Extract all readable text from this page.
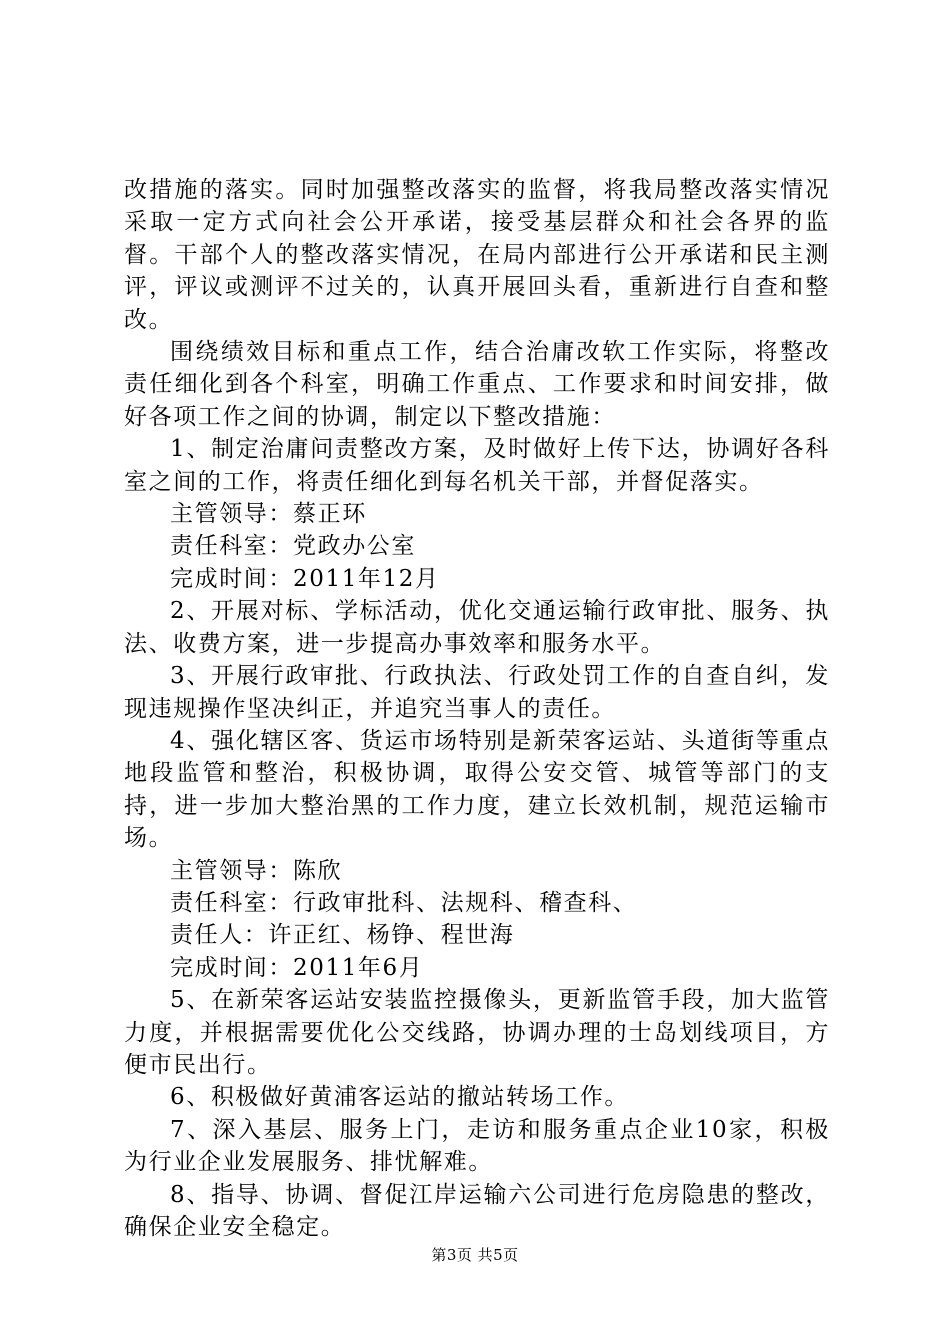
改措施的落实。同时加强整改落实的监督，将我局整改落实情况采取一定方式向社会公开承诺，接受基层群众和社会各界的监督。干部个人的整改落实情况，在局内部进行公开承诺和民主测评，评议或测评不过关的，认真开展回头看，重新进行自查和整改。

围绕绩效目标和重点工作，结合治庸改软工作实际，将整改责任细化到各个科室，明确工作重点、工作要求和时间安排，做好各项工作之间的协调，制定以下整改措施：

1、制定治庸问责整改方案，及时做好上传下达，协调好各科室之间的工作，将责任细化到每名机关干部，并督促落实。

主管领导：蔡正环

责任科室：党政办公室

完成时间：2011年12月

2、开展对标、学标活动，优化交通运输行政审批、服务、执法、收费方案，进一步提高办事效率和服务水平。

3、开展行政审批、行政执法、行政处罚工作的自查自纠，发现违规操作坚决纠正，并追究当事人的责任。

4、强化辖区客、货运市场特别是新荣客运站、头道街等重点地段监管和整治，积极协调，取得公安交管、城管等部门的支持，进一步加大整治黑的工作力度，建立长效机制，规范运输市场。

主管领导：陈欣

责任科室：行政审批科、法规科、稽查科、

责任人：许正红、杨铮、程世海

完成时间：2011年6月

5、在新荣客运站安装监控摄像头，更新监管手段，加大监管力度，并根据需要优化公交线路，协调办理的士岛划线项目，方便市民出行。

6、积极做好黄浦客运站的撤站转场工作。

7、深入基层、服务上门，走访和服务重点企业10家，积极为行业企业发展服务、排忧解难。

8、指导、协调、督促江岸运输六公司进行危房隐患的整改，确保企业安全稳定。

第3页 共5页
